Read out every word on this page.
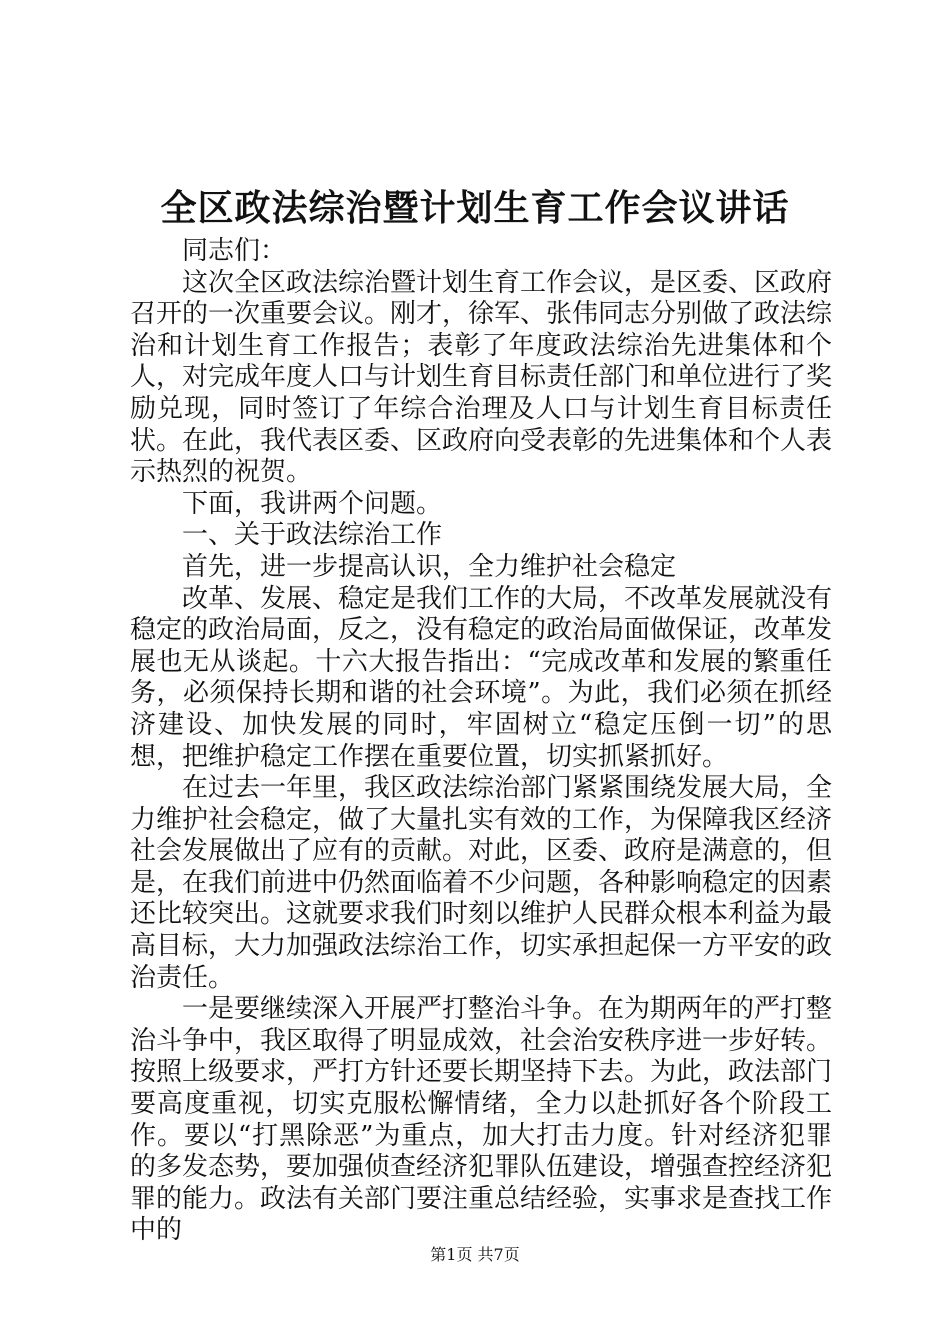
全区政法综治暨计划生育工作会议讲话

同志们：

这次全区政法综治暨计划生育工作会议，是区委、区政府召开的一次重要会议。刚才，徐军、张伟同志分别做了政法综治和计划生育工作报告；表彰了年度政法综治先进集体和个人，对完成年度人口与计划生育目标责任部门和单位进行了奖励兑现，同时签订了年综合治理及人口与计划生育目标责任状。在此，我代表区委、区政府向受表彰的先进集体和个人表示热烈的祝贺。

下面，我讲两个问题。

一、关于政法综治工作

首先，进一步提高认识，全力维护社会稳定

改革、发展、稳定是我们工作的大局，不改革发展就没有稳定的政治局面，反之，没有稳定的政治局面做保证，改革发展也无从谈起。十六大报告指出：“完成改革和发展的繁重任务，必须保持长期和谐的社会环境”。为此，我们必须在抓经济建设、加快发展的同时，牢固树立“稳定压倒一切”的思想，把维护稳定工作摆在重要位置，切实抓紧抓好。

在过去一年里，我区政法综治部门紧紧围绕发展大局，全力维护社会稳定，做了大量扎实有效的工作，为保障我区经济社会发展做出了应有的贡献。对此，区委、政府是满意的，但是，在我们前进中仍然面临着不少问题，各种影响稳定的因素还比较突出。这就要求我们时刻以维护人民群众根本利益为最高目标，大力加强政法综治工作，切实承担起保一方平安的政治责任。

一是要继续深入开展严打整治斗争。在为期两年的严打整治斗争中，我区取得了明显成效，社会治安秩序进一步好转。按照上级要求，严打方针还要长期坚持下去。为此，政法部门要高度重视，切实克服松懈情绪，全力以赴抓好各个阶段工作。要以“打黑除恶”为重点，加大打击力度。针对经济犯罪的多发态势，要加强侦查经济犯罪队伍建设，增强查控经济犯罪的能力。政法有关部门要注重总结经验，实事求是查找工作中的

第1页 共7页
